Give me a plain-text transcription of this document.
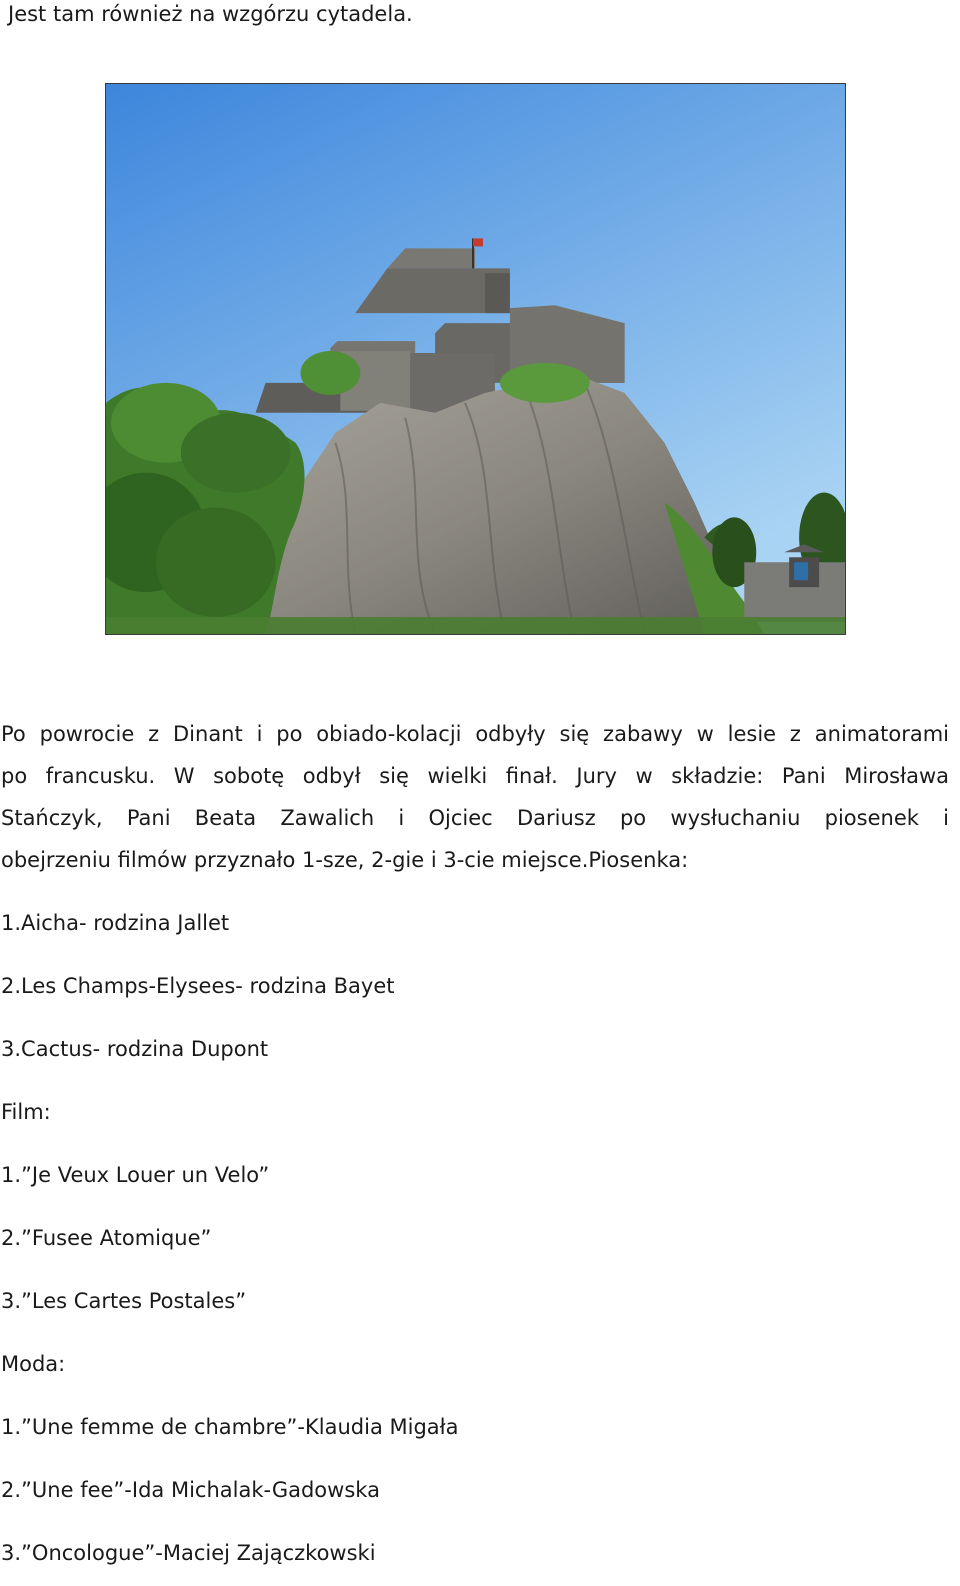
Jest tam również na wzgórzu cytadela.
Po powrocie z Dinant i po obiado-kolacji odbyły się zabawy w lesie z animatorami
po francusku. W sobotę odbył się wielki finał. Jury w składzie: Pani Mirosława
Stańczyk, Pani Beata Zawalich i Ojciec Dariusz po wysłuchaniu piosenek i
obejrzeniu filmów przyznało 1-sze, 2-gie i 3-cie miejsce.Piosenka:
1.Aicha- rodzina Jallet
2.Les Champs-Elysees- rodzina Bayet
3.Cactus- rodzina Dupont
Film:
1.”Je Veux Louer un Velo”
2.”Fusee Atomique”
3.”Les Cartes Postales”
Moda:
1.”Une femme de chambre”-Klaudia Migała
2.”Une fee”-Ida Michalak-Gadowska
3.”Oncologue”-Maciej Zajączkowski
